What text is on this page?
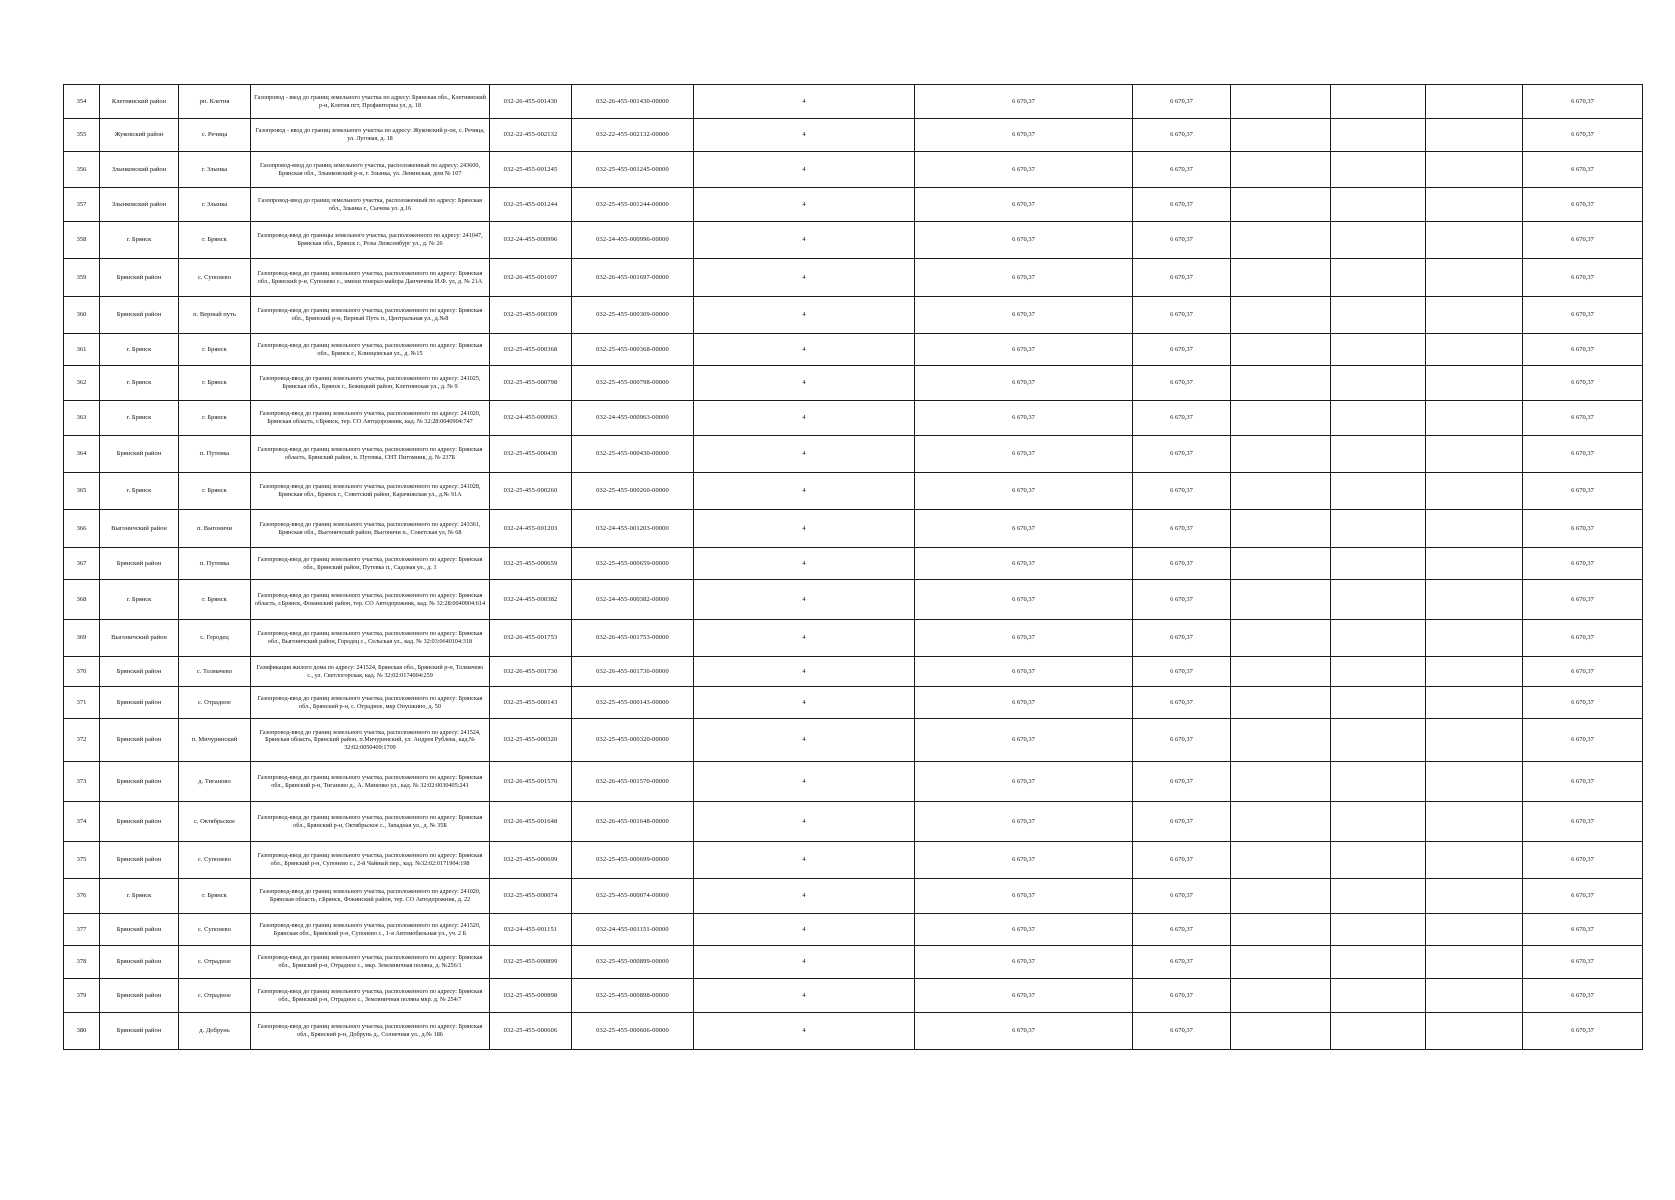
354	Клетнянский район	рп. Клетня	Газопровод - ввод до границ земельного участка по адресу: Брянская обл., Клетнянский р-н, Клетня пгт, Профинтерна ул, д. 18	032-26-455-001430	032-26-455-001430-00000	4	6 670,37	6 670,37				6 670,37
355	Жуковский район	с. Речица	Газопровод - ввод до границ земельного участка по адресу: Жуковский р-он, с. Речица, ул. Луговая, д. 18	032-22-455-002132	032-22-455-002132-00000	4	6 670,37	6 670,37				6 670,37
356	Злынковский район	г. Злынка	Газопровод-ввод до границ земельного участка, расположенный по адресу: 243600, Брянская обл., Злынковский р-н, г. Злынка, ул. Ленинская, дом № 107	032-25-455-001245	032-25-455-001245-00000	4	6 670,37	6 670,37				6 670,37
357	Злынковский район	г. Злынка	Газопровод-ввод до границ земельного участка, расположенный по адресу: Брянская обл., Злынка г., Сычева ул. д.16	032-25-455-001244	032-25-455-001244-00000	4	6 670,37	6 670,37				6 670,37
358	г. Брянск	г. Брянск	Газопровод-ввод до границы земельного участка, расположенного по адресу: 241047, Брянская обл., Брянск г., Розы Люксембург ул., д. № 26	032-24-455-000996	032-24-455-000996-00000	4	6 670,37	6 670,37				6 670,37
359	Брянский район	с. Супонево	Газопровод-ввод до границ земельного участка, расположенного по адресу: Брянская обл., Брянский р-н, Супонево с., имени генерал-майора Данчичева И.Ф. ул, д. № 21А	032-26-455-001697	032-26-455-001697-00000	4	6 670,37	6 670,37				6 670,37
360	Брянский район	п. Верный путь	Газопровод-ввод до границ земельного участка, расположенного по адресу: Брянская обл., Брянский р-н, Верный Путь п., Центральная ул., д.№8	032-25-455-000309	032-25-455-000309-00000	4	6 670,37	6 670,37				6 670,37
361	г. Брянск	г. Брянск	Газопровод-ввод до границ земельного участка, расположенного по адресу: Брянская обл., Брянск г., Клинцовская ул., д. №15	032-25-455-000368	032-25-455-000368-00000	4	6 670,37	6 670,37				6 670,37
362	г. Брянск	г. Брянск	Газопровод-ввод до границ земельного участка, расположенного по адресу: 241025, Брянская обл., Брянск г., Бежицкий район, Клетнянская ул., д. № 9	032-25-455-000798	032-25-455-000798-00000	4	6 670,37	6 670,37				6 670,37
363	г. Брянск	г. Брянск	Газопровод-ввод до границ земельного участка, расположенного по адресу: 241020, Брянская область, г.Брянск, тер. СО Автодорожник, кад. № 32:28:0040904:747	032-24-455-000963	032-24-455-000963-00000	4	6 670,37	6 670,37				6 670,37
364	Брянский район	п. Путевка	Газопровод-ввод до границ земельного участка, расположенного по адресу: Брянская область, Брянский район, п. Путевка, СНТ Питомник, д. № 237Б	032-25-455-000430	032-25-455-000430-00000	4	6 670,37	6 670,37				6 670,37
365	г. Брянск	г. Брянск	Газопровод-ввод до границ земельного участка, расположенного по адресу: 241028, Брянская обл., Брянск г., Советский район, Карачижская ул., д.№ 91А	032-25-455-000260	032-25-455-000260-00000	4	6 670,37	6 670,37				6 670,37
366	Выгоничский район	п. Выгоничи	Газопровод-ввод до границ земельного участка, расположенного по адресу: 243361, Брянская обл., Выгоничский район, Выгоничи п., Советская ул, № 68	032-24-455-001203	032-24-455-001203-00000	4	6 670,37	6 670,37				6 670,37
367	Брянский район	п. Путевка	Газопровод-ввод до границ земельного участка, расположенного по адресу: Брянская обл., Брянский район, Путевка п., Садовая ул., д. 1	032-25-455-000659	032-25-455-000659-00000	4	6 670,37	6 670,37				6 670,37
368	г. Брянск	г. Брянск	Газопровод-ввод до границ земельного участка, расположенного по адресу: Брянская область, г.Брянск, Фокинский район, тер. СО Автодорожник, кад. № 32:28:0040904:614	032-24-455-000382	032-24-455-000382-00000	4	6 670,37	6 670,37				6 670,37
369	Выгоничский район	с. Городец	Газопровод-ввод до границ земельного участка, расположенного по адресу: Брянская обл., Выгоничский район, Городец с., Сельская ул., кад. № 32:03:0640104:318	032-26-455-001753	032-26-455-001753-00000	4	6 670,37	6 670,37				6 670,37
370	Брянский район	с. Толмачево	Газификация жилого дома по адресу: 241524, Брянская обл., Брянский р-н, Толмачево с., ул. Светлогорская, кад. № 32:02:0174004:259	032-26-455-001730	032-26-455-001730-00000	4	6 670,37	6 670,37				6 670,37
371	Брянский район	с. Отрадное	Газопровод-ввод до границ земельного участка, расположенного по адресу: Брянская обл., Брянский р-н, с. Отрадное, мкр Опушкино, д. 50	032-25-455-000143	032-25-455-000143-00000	4	6 670,37	6 670,37				6 670,37
372	Брянский район	п. Мичуринский	Газопровод-ввод до границ земельного участка, расположенного по адресу: 241524, Брянская область, Брянский район, п.Мичуринский, ул. Андрея Рублева, кад.№ 32:02:0050409:1709	032-25-455-000320	032-25-455-000320-00000	4	6 670,37	6 670,37				6 670,37
373	Брянский район	д. Тиганово	Газопровод-ввод до границ земельного участка, расположенного по адресу: Брянская обл., Брянский р-н, Тиганово д., А. Миненко ул., кад. № 32:02:0030405:241	032-26-455-001570	032-26-455-001570-00000	4	6 670,37	6 670,37				6 670,37
374	Брянский район	с. Октябрьское	Газопровод-ввод до границ земельного участка, расположенного по адресу: Брянская обл., Брянский р-н, Октябрьское с., Западная ул., д. № 35Б	032-26-455-001648	032-26-455-001648-00000	4	6 670,37	6 670,37				6 670,37
375	Брянский район	с. Супонево	Газопровод-ввод до границ земельного участка, расположенного по адресу: Брянская обл., Брянский р-н, Супонево с., 2-й Чайный пер., кад. №32:02:0171904:198	032-25-455-000699	032-25-455-000699-00000	4	6 670,37	6 670,37				6 670,37
376	г. Брянск	г. Брянск	Газопровод-ввод до границ земельного участка, расположенного по адресу: 241020, Брянская область, г.Брянск, Фокинский район, тер. СО Автодорожник, д. 22	032-25-455-000074	032-25-455-000074-00000	4	6 670,37	6 670,37				6 670,37
377	Брянский район	с. Супонево	Газопровод-ввод до границ земельного участка, расположенного по адресу: 241520, Брянская обл., Брянский р-н, Супонево с., 1-я Автомобильная ул., уч. 2 Б	032-24-455-001151	032-24-455-001151-00000	4	6 670,37	6 670,37				6 670,37
378	Брянский район	с. Отрадное	Газопровод-ввод до границ земельного участка, расположенного по адресу: Брянская обл., Брянский р-н, Отрадное с., мкр. Земляничная поляна, д. №256/1	032-25-455-000899	032-25-455-000899-00000	4	6 670,37	6 670,37				6 670,37
379	Брянский район	с. Отрадное	Газопровод-ввод до границ земельного участка, расположенного по адресу: Брянская обл., Брянский р-н, Отрадное с., Земляничная поляна мкр. д. № 254/7	032-25-455-000898	032-25-455-000898-00000	4	6 670,37	6 670,37				6 670,37
380	Брянский район	д. Добрунь	Газопровод-ввод до границ земельного участка, расположенного по адресу: Брянская обл., Брянский р-н, Добрунь д., Солнечная ул., д.№ 186	032-25-455-000606	032-25-455-000606-00000	4	6 670,37	6 670,37				6 670,37
